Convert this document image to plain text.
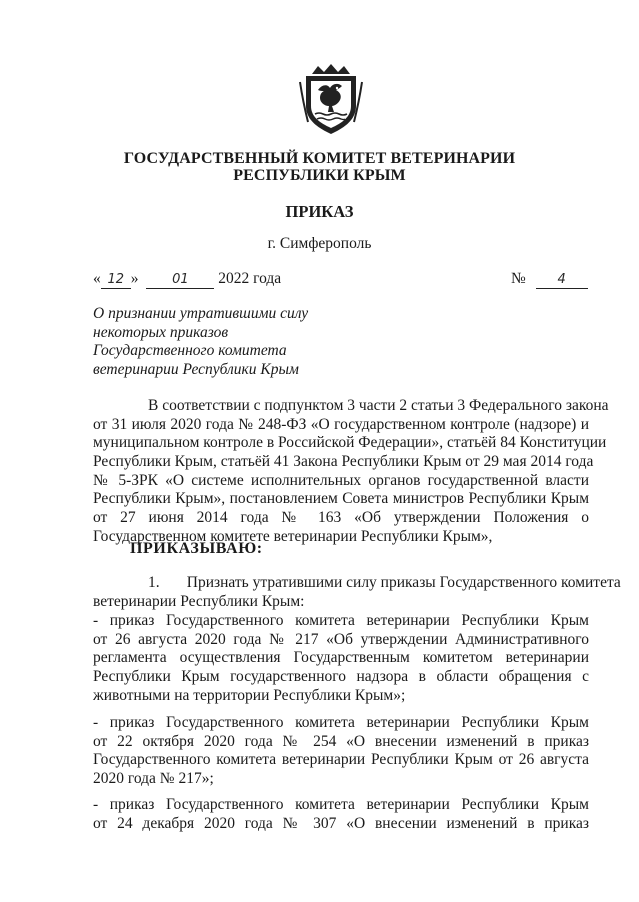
ГОСУДАРСТВЕННЫЙ КОМИТЕТ ВЕТЕРИНАРИИ
РЕСПУБЛИКИ КРЫМ
ПРИКАЗ
г. Симферополь
« 12 »	01 2022 года	№ 4
О признании утратившими силу
некоторых приказов
Государственного комитета
ветеринарии Республики Крым
В соответствии с подпунктом 3 части 2 статьи 3 Федерального закона
от 31 июля 2020 года № 248-ФЗ «О государственном контроле (надзоре) и
муниципальном контроле в Российской Федерации», статьёй 84 Конституции
Республики Крым, статьёй 41 Закона Республики Крым от 29 мая 2014 года
№ 5-ЗРК «О системе исполнительных органов государственной власти
Республики Крым», постановлением Совета министров Республики Крым
от 27 июня 2014 года № 163 «Об утверждении Положения о
Государственном комитете ветеринарии Республики Крым»,
ПРИКАЗЫВАЮ:
1.       Признать утратившими силу приказы Государственного комитета
ветеринарии Республики Крым:
- приказ Государственного комитета ветеринарии Республики Крым
от 26 августа 2020 года № 217 «Об утверждении Административного
регламента осуществления Государственным комитетом ветеринарии
Республики Крым государственного надзора в области обращения с
животными на территории Республики Крым»;
- приказ Государственного комитета ветеринарии Республики Крым
от 22 октября 2020 года № 254 «О внесении изменений в приказ
Государственного комитета ветеринарии Республики Крым от 26 августа
2020 года № 217»;
- приказ Государственного комитета ветеринарии Республики Крым
от 24 декабря 2020 года № 307 «О внесении изменений в приказ
